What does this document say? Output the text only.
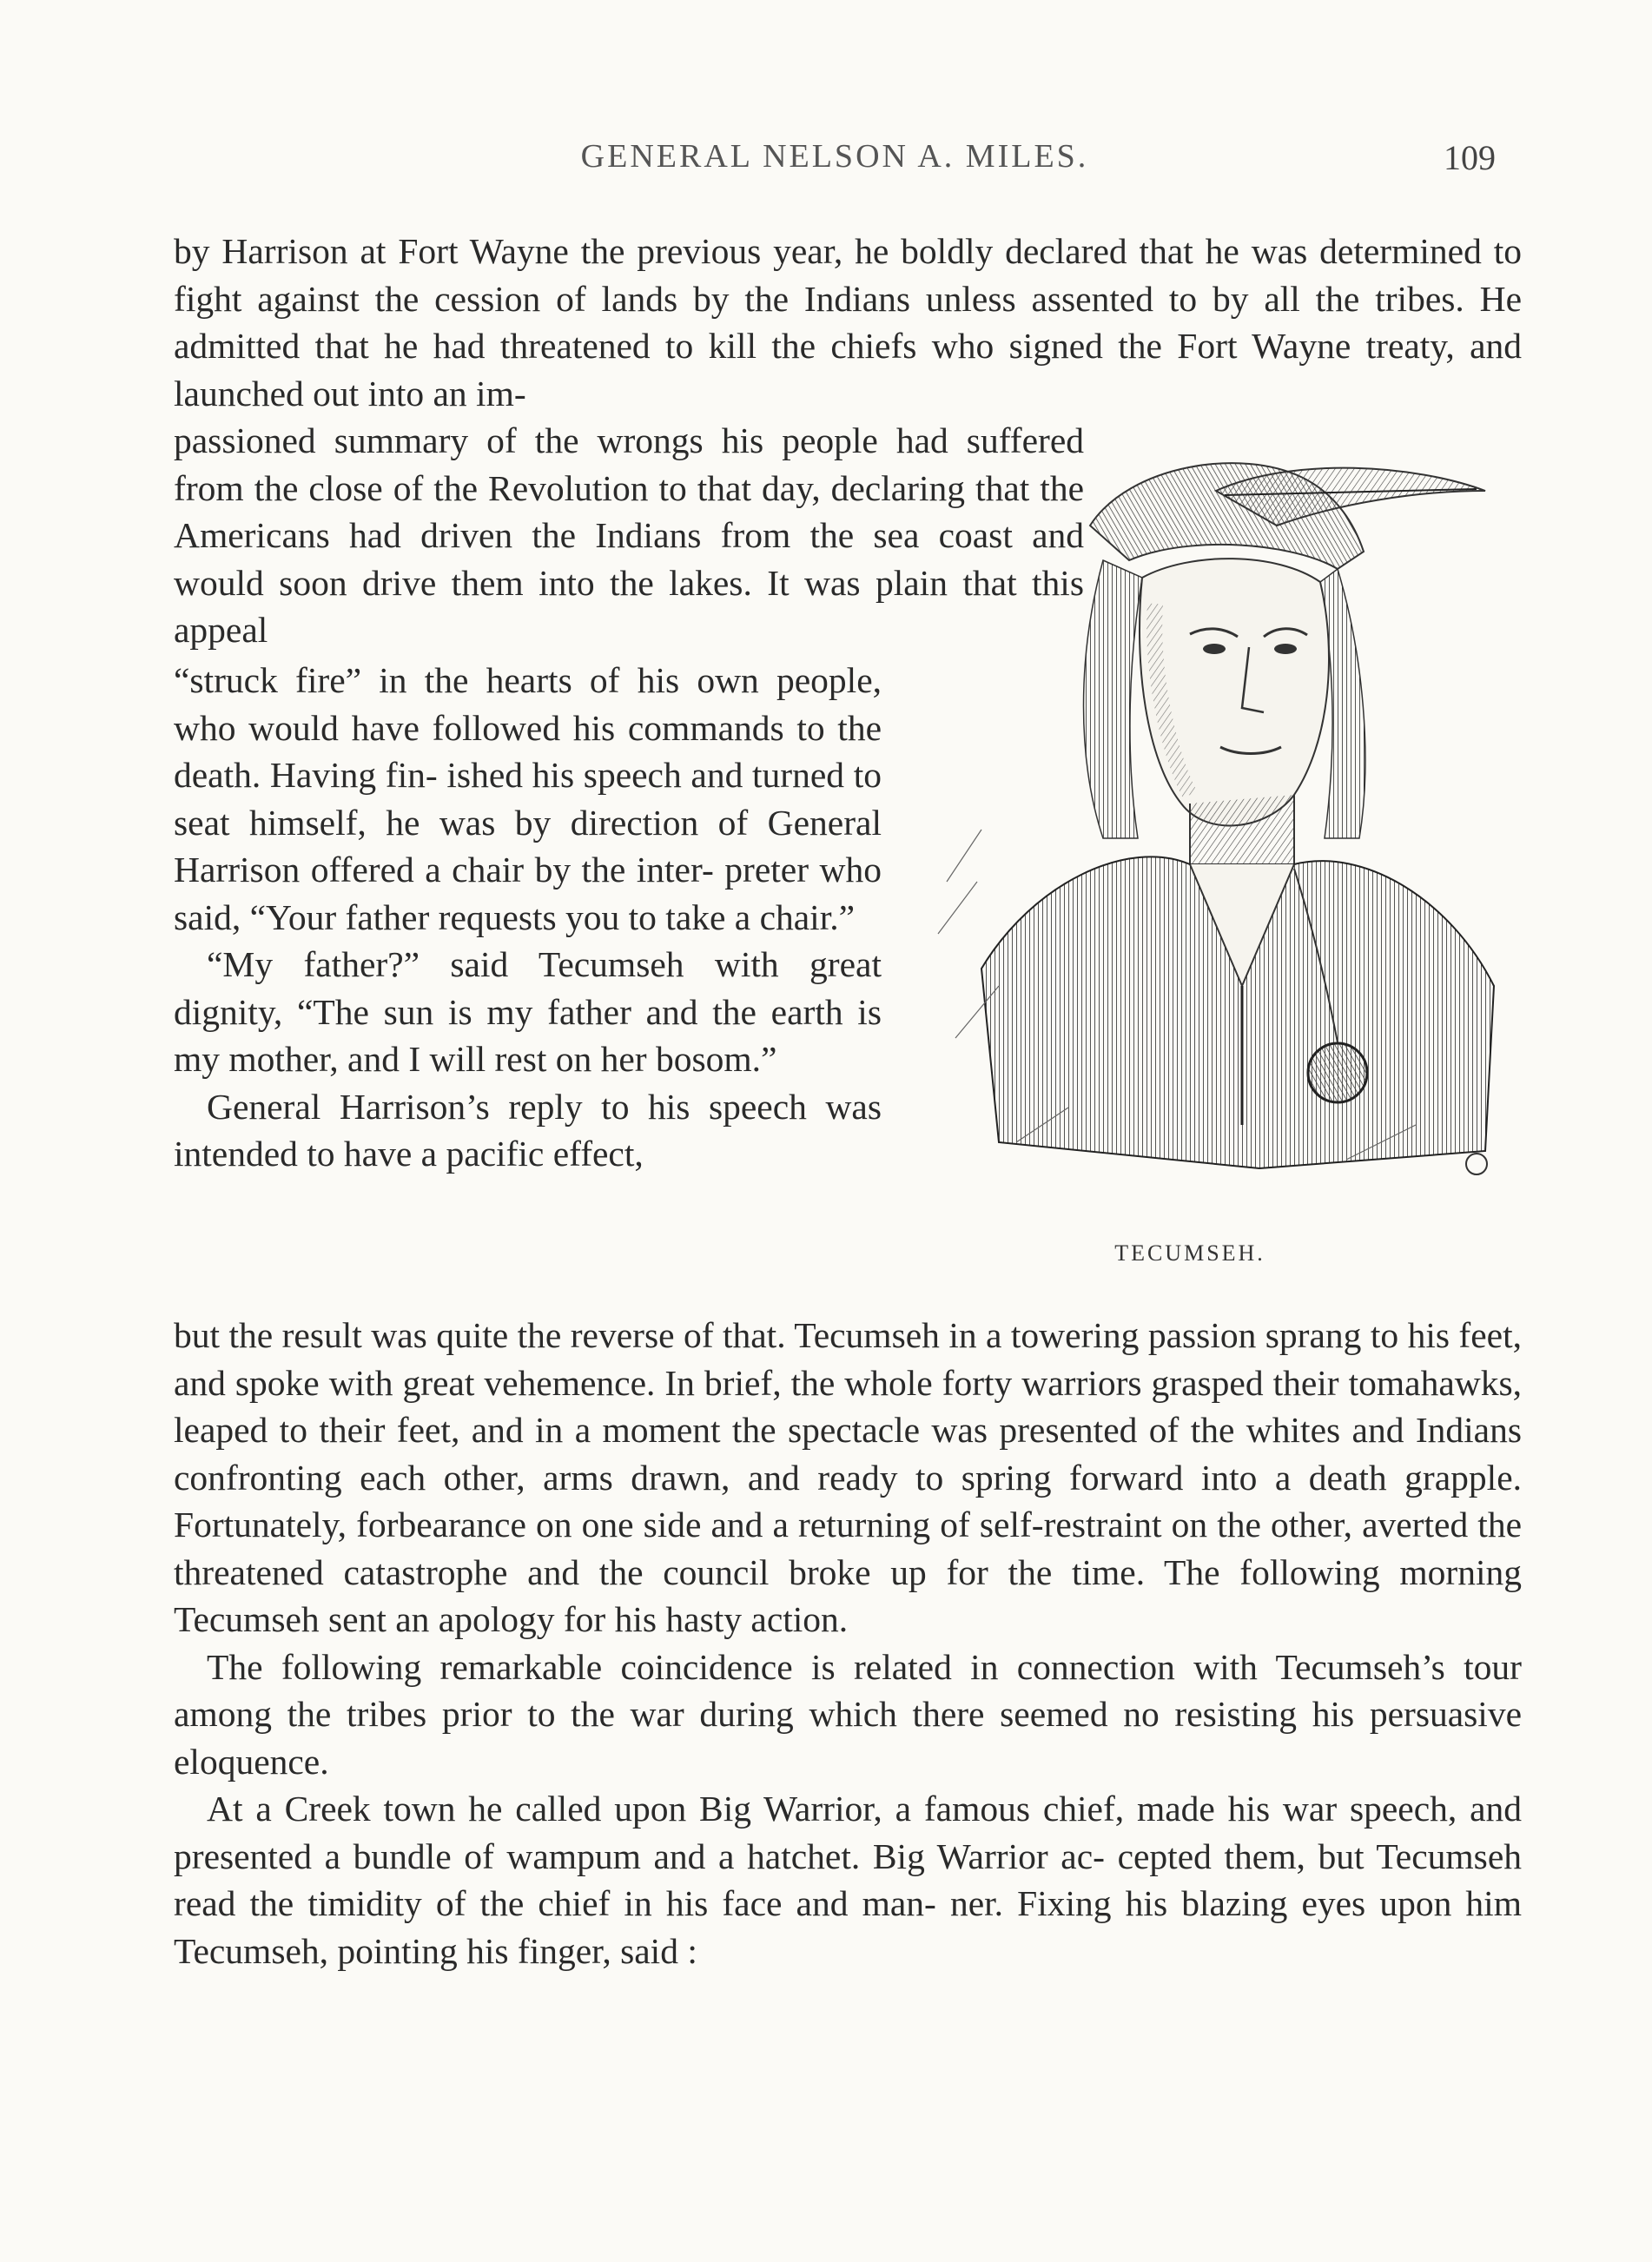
GENERAL NELSON A. MILES.	109

by Harrison at Fort Wayne the previous year, he boldly declared that he was determined to fight against the cession of lands by the Indians unless assented to by all the tribes. He admitted that he had threatened to kill the chiefs who signed the Fort Wayne treaty, and launched out into an im-

passioned summary of the wrongs his people had suffered from the close of the Revolution to that day, declaring that the Americans had driven the Indians from the sea coast and would soon drive them into the lakes. It was plain that this appeal

“struck fire” in the hearts of his own people, who would have followed his commands to the death. Having fin- ished his speech and turned to seat himself, he was by direction of General Harrison offered a chair by the inter- preter who said, “Your father requests you to take a chair.”

“My father?” said Tecumseh with great dignity, “The sun is my father and the earth is my mother, and I will rest on her bosom.”

General Harrison’s reply to his speech was intended to have a pacific effect,

TECUMSEH.

but the result was quite the reverse of that. Tecumseh in a towering passion sprang to his feet, and spoke with great vehemence. In brief, the whole forty warriors grasped their tomahawks, leaped to their feet, and in a moment the spectacle was presented of the whites and Indians confronting each other, arms drawn, and ready to spring forward into a death grapple. Fortunately, forbearance on one side and a returning of self-restraint on the other, averted the threatened catastrophe and the council broke up for the time. The following morning Tecumseh sent an apology for his hasty action.

The following remarkable coincidence is related in connection with Tecumseh’s tour among the tribes prior to the war during which there seemed no resisting his persuasive eloquence.

At a Creek town he called upon Big Warrior, a famous chief, made his war speech, and presented a bundle of wampum and a hatchet. Big Warrior ac- cepted them, but Tecumseh read the timidity of the chief in his face and man- ner. Fixing his blazing eyes upon him Tecumseh, pointing his finger, said :
